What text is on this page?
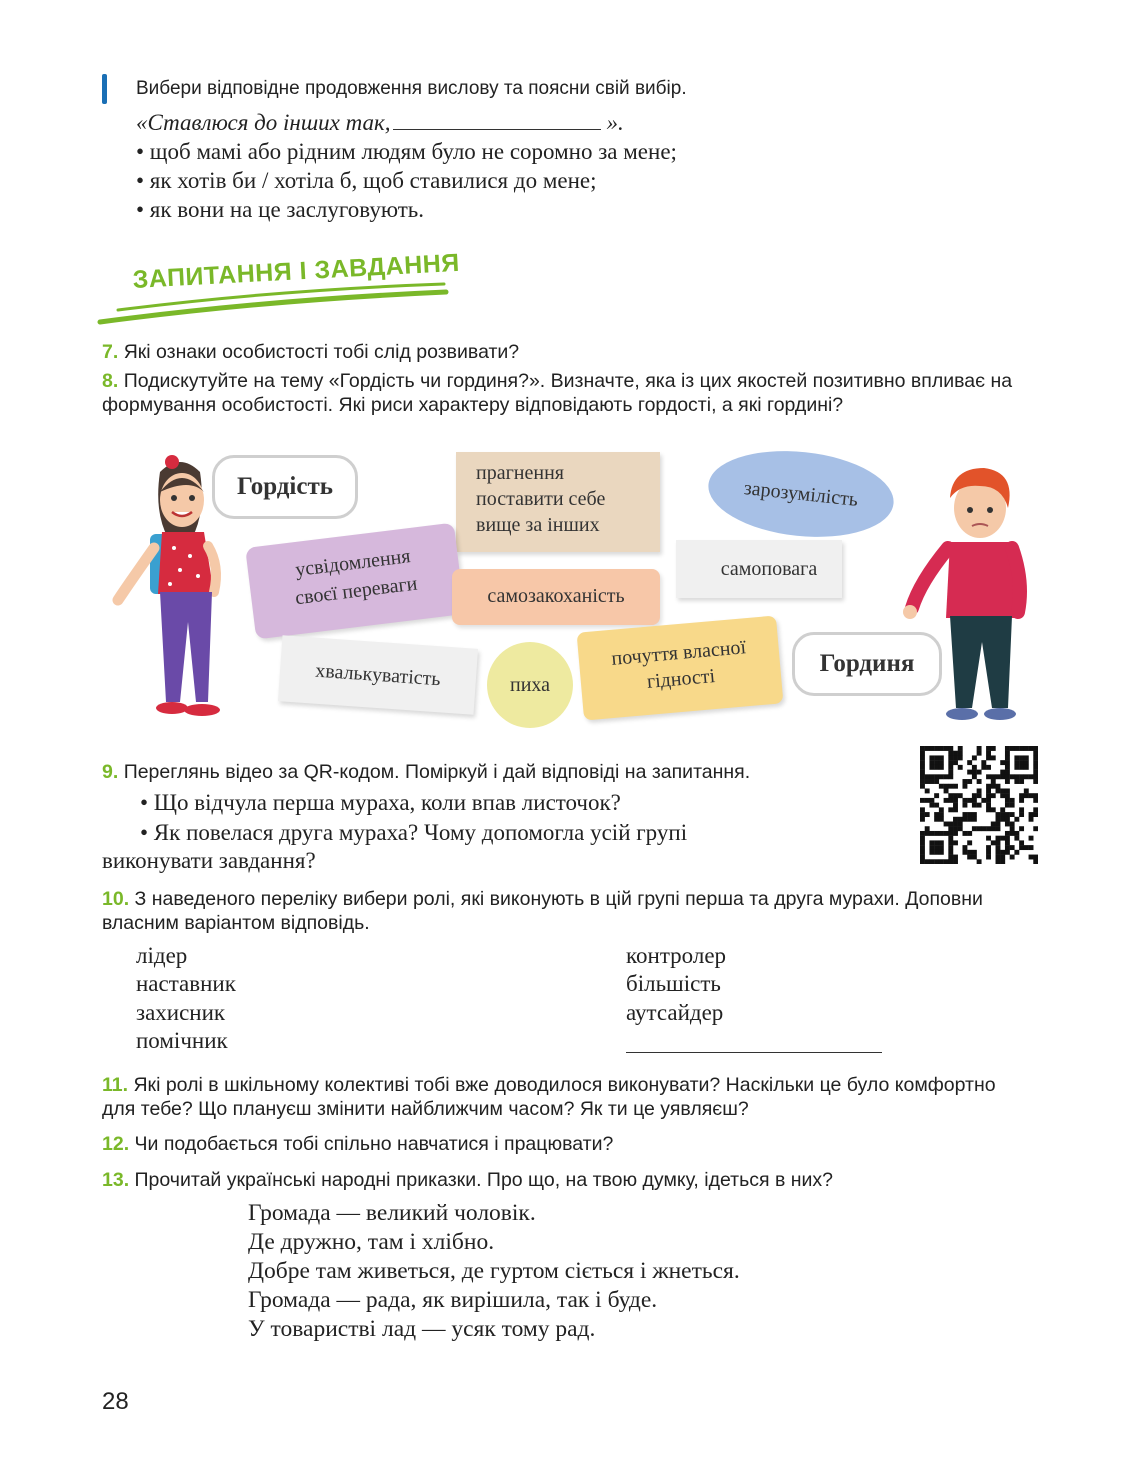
Вибери відповідне продовження вислову та поясни свій вибір.
«Ставлюся до інших так,	».
• щоб мамі або рідним людям було не соромно за мене;
• як хотів би / хотіла б, щоб ставилися до мене;
• як вони на це заслуговують.
ЗАПИТАННЯ І ЗАВДАННЯ
7. Які ознаки особистості тобі слід розвивати?
8. Подискутуйте на тему «Гордість чи гординя?». Визначте, яка із цих якостей позитивно впливає на формування особистості. Які риси характеру відповідають гордості, а які гордині?
Гордість
Гординя
прагнення
поставити себе
вище за інших
зарозумілість
усвідомлення
своєї переваги	самозакоханість
самоповага
хвалькуватість	пиха
почуття власної
гідності
9. Переглянь відео за QR-кодом. Поміркуй і дай відповіді на запитання.
• Що відчула перша мураха, коли впав листочок?
• Як повелася друга мураха? Чому допомогла усій групі
виконувати завдання?
10. З наведеного переліку вибери ролі, які виконують в цій групі перша та друга мурахи. Доповни власним варіантом відповідь.
лідер
наставник
захисник
помічник
контролер
більшість
аутсайдер
11. Які ролі в шкільному колективі тобі вже доводилося виконувати? Наскільки це було комфортно для тебе? Що плануєш змінити найближчим часом? Як ти це уявляєш?
12. Чи подобається тобі спільно навчатися і працювати?
13. Прочитай українські народні приказки. Про що, на твою думку, ідеться в них?
Громада — великий чоловік.
Де дружно, там і хлібно.
Добре там живеться, де гуртом сіється і жнеться.
Громада — рада, як вирішила, так і буде.
У товаристві лад — усяк тому рад.
28
